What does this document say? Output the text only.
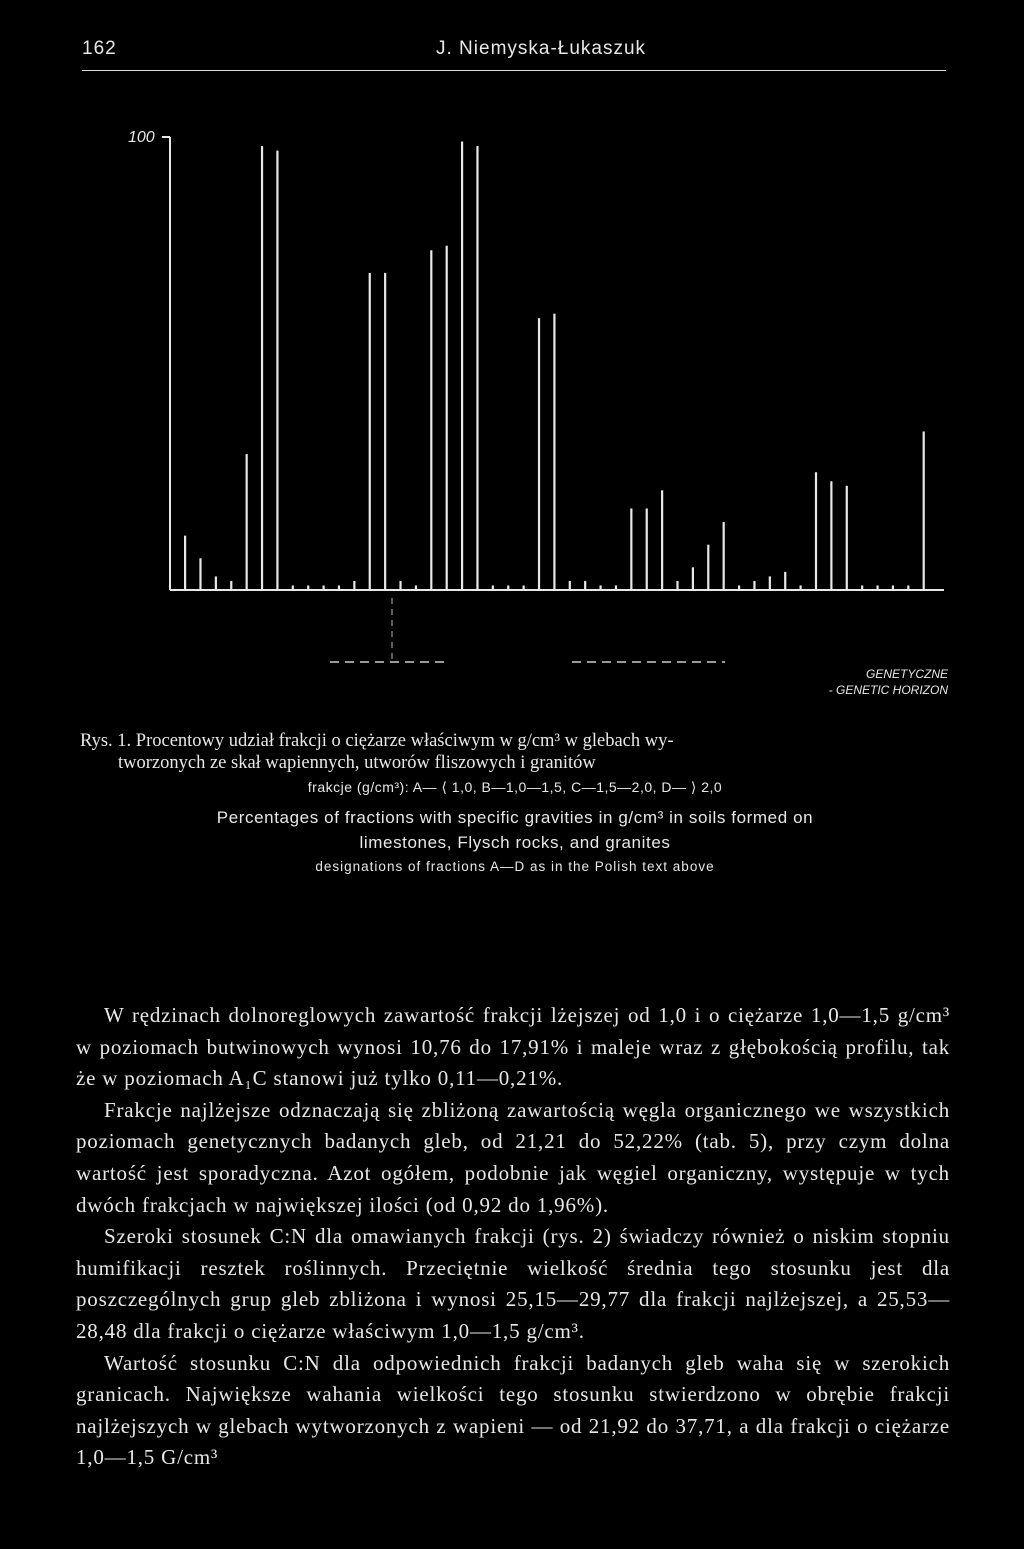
162	J. Niemyska-Łukaszuk
100
GENETYCZNE
- GENETIC HORIZON
Rys. 1. Procentowy udział frakcji o ciężarze właściwym w g/cm³ w glebach wy-
tworzonych ze skał wapiennych, utworów fliszowych i granitów
frakcje (g/cm³): A— ⟨ 1,0, B—1,0—1,5, C—1,5—2,0, D— ⟩ 2,0
Percentages of fractions with specific gravities in g/cm³ in soils formed on
limestones, Flysch rocks, and granites
designations of fractions A—D as in the Polish text above

W rędzinach dolnoreglowych zawartość frakcji lżejszej od 1,0 i o ciężarze 1,0—1,5 g/cm³ w poziomach butwinowych wynosi 10,76 do 17,91% i maleje wraz z głębokością profilu, tak że w poziomach A₁C stanowi już tylko 0,11—0,21%.

Frakcje najlżejsze odznaczają się zbliżoną zawartością węgla organicznego we wszystkich poziomach genetycznych badanych gleb, od 21,21 do 52,22% (tab. 5), przy czym dolna wartość jest sporadyczna. Azot ogółem, podobnie jak węgiel organiczny, występuje w tych dwóch frakcjach w największej ilości (od 0,92 do 1,96%).

Szeroki stosunek C:N dla omawianych frakcji (rys. 2) świadczy również o niskim stopniu humifikacji resztek roślinnych. Przeciętnie wielkość średnia tego stosunku jest dla poszczególnych grup gleb zbliżona i wynosi 25,15—29,77 dla frakcji najlżejszej, a 25,53—28,48 dla frakcji o ciężarze właściwym 1,0—1,5 g/cm³.

Wartość stosunku C:N dla odpowiednich frakcji badanych gleb waha się w szerokich granicach. Największe wahania wielkości tego stosunku stwierdzono w obrębie frakcji najlżejszych w glebach wytworzonych z wapieni — od 21,92 do 37,71, a dla frakcji o ciężarze 1,0—1,5 G/cm³
